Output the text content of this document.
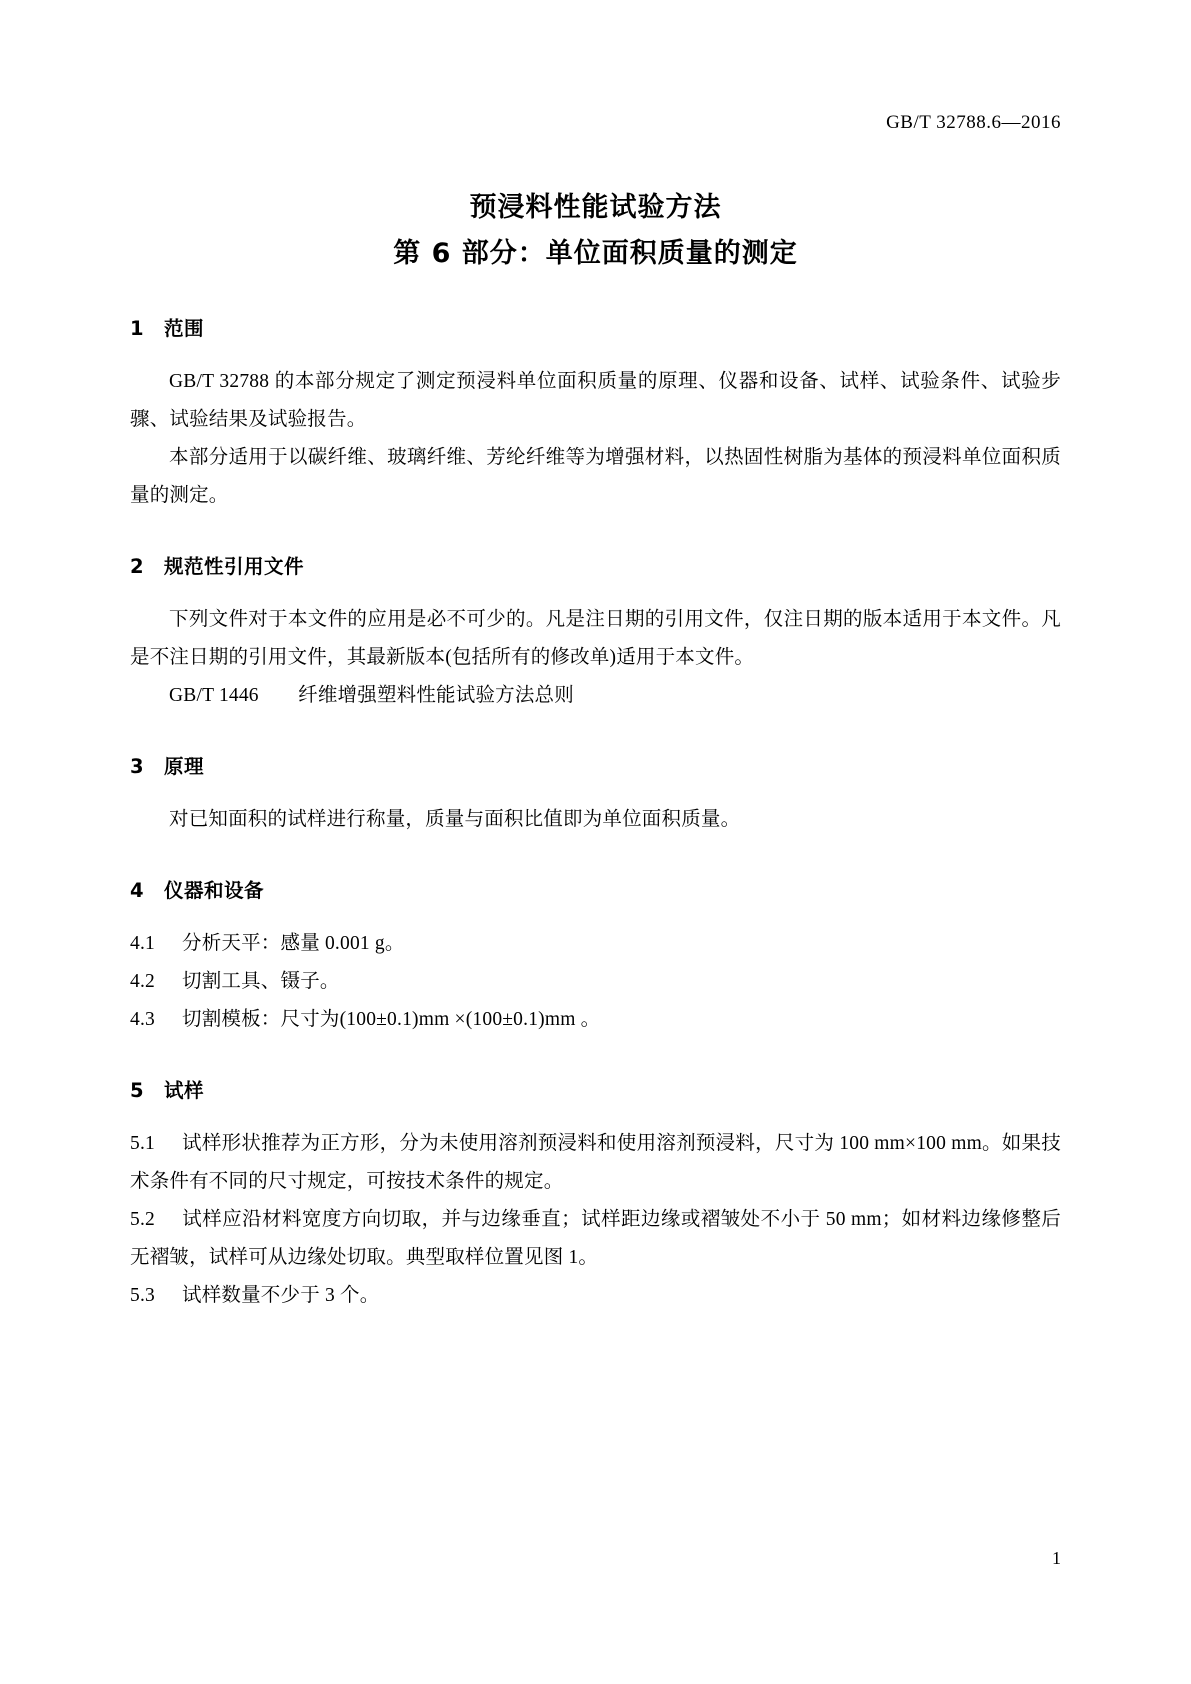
GB/T 32788.6—2016
预浸料性能试验方法
第 6 部分：单位面积质量的测定
1 范围

GB/T 32788 的本部分规定了测定预浸料单位面积质量的原理、仪器和设备、试样、试验条件、试验步骤、试验结果及试验报告。

本部分适用于以碳纤维、玻璃纤维、芳纶纤维等为增强材料，以热固性树脂为基体的预浸料单位面积质量的测定。

2 规范性引用文件

下列文件对于本文件的应用是必不可少的。凡是注日期的引用文件，仅注日期的版本适用于本文件。凡是不注日期的引用文件，其最新版本(包括所有的修改单)适用于本文件。

GB/T 1446　　纤维增强塑料性能试验方法总则

3 原理

对已知面积的试样进行称量，质量与面积比值即为单位面积质量。

4 仪器和设备

4.1 分析天平：感量 0.001 g。

4.2 切割工具、镊子。

4.3 切割模板：尺寸为(100±0.1)mm ×(100±0.1)mm 。

5 试样

5.1 试样形状推荐为正方形，分为未使用溶剂预浸料和使用溶剂预浸料，尺寸为 100 mm×100 mm。如果技术条件有不同的尺寸规定，可按技术条件的规定。

5.2 试样应沿材料宽度方向切取，并与边缘垂直；试样距边缘或褶皱处不小于 50 mm；如材料边缘修整后无褶皱，试样可从边缘处切取。典型取样位置见图 1。

5.3 试样数量不少于 3 个。

1
